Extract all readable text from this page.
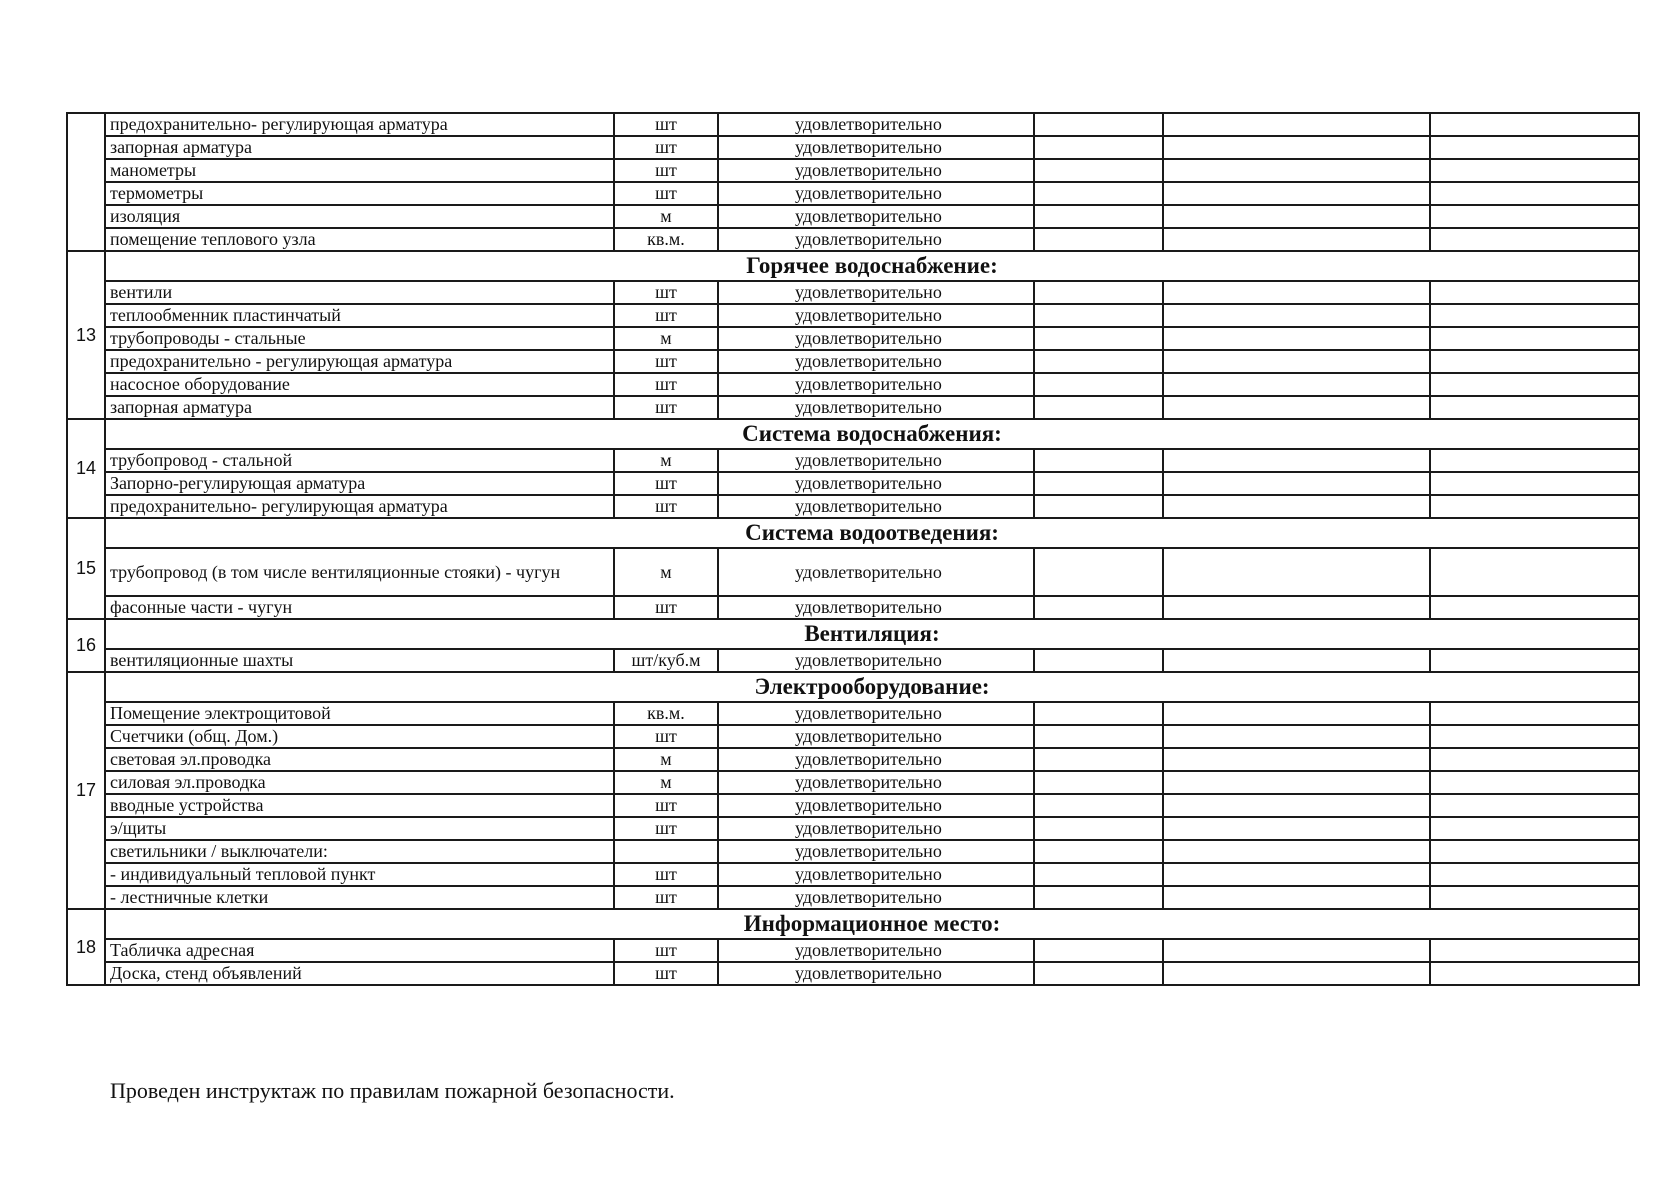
	предохранительно- регулирующая арматура	шт	удовлетворительно			
	запорная арматура	шт	удовлетворительно			
	манометры	шт	удовлетворительно			
	термометры	шт	удовлетворительно			
	изоляция	м	удовлетворительно			
	помещение теплового узла	кв.м.	удовлетворительно			
13	Горячее водоснабжение:					
	вентили	шт	удовлетворительно			
	теплообменник пластинчатый	шт	удовлетворительно			
	трубопроводы - стальные	м	удовлетворительно			
	предохранительно - регулирующая арматура	шт	удовлетворительно			
	насосное оборудование	шт	удовлетворительно			
	запорная арматура	шт	удовлетворительно			
14	Система водоснабжения:					
	трубопровод - стальной	м	удовлетворительно			
	Запорно-регулирующая арматура	шт	удовлетворительно			
	предохранительно- регулирующая арматура	шт	удовлетворительно			
15	Система водоотведения:					
	трубопровод (в том числе вентиляционные стояки) - чугун	м	удовлетворительно			
	фасонные части - чугун	шт	удовлетворительно			
16	Вентиляция:					
	вентиляционные шахты	шт/куб.м	удовлетворительно			
17	Электрооборудование:					
	Помещение электрощитовой	кв.м.	удовлетворительно			
	Счетчики (общ. Дом.)	шт	удовлетворительно			
	световая эл.проводка	м	удовлетворительно			
	силовая эл.проводка	м	удовлетворительно			
	вводные устройства	шт	удовлетворительно			
	э/щиты	шт	удовлетворительно			
	светильники / выключатели:		удовлетворительно			
	- индивидуальный тепловой пункт	шт	удовлетворительно			
	- лестничные клетки	шт	удовлетворительно			
18	Информационное место:					
	Табличка адресная	шт	удовлетворительно			
	Доска, стенд объявлений	шт	удовлетворительно			
Проведен инструктаж по правилам пожарной безопасности.
